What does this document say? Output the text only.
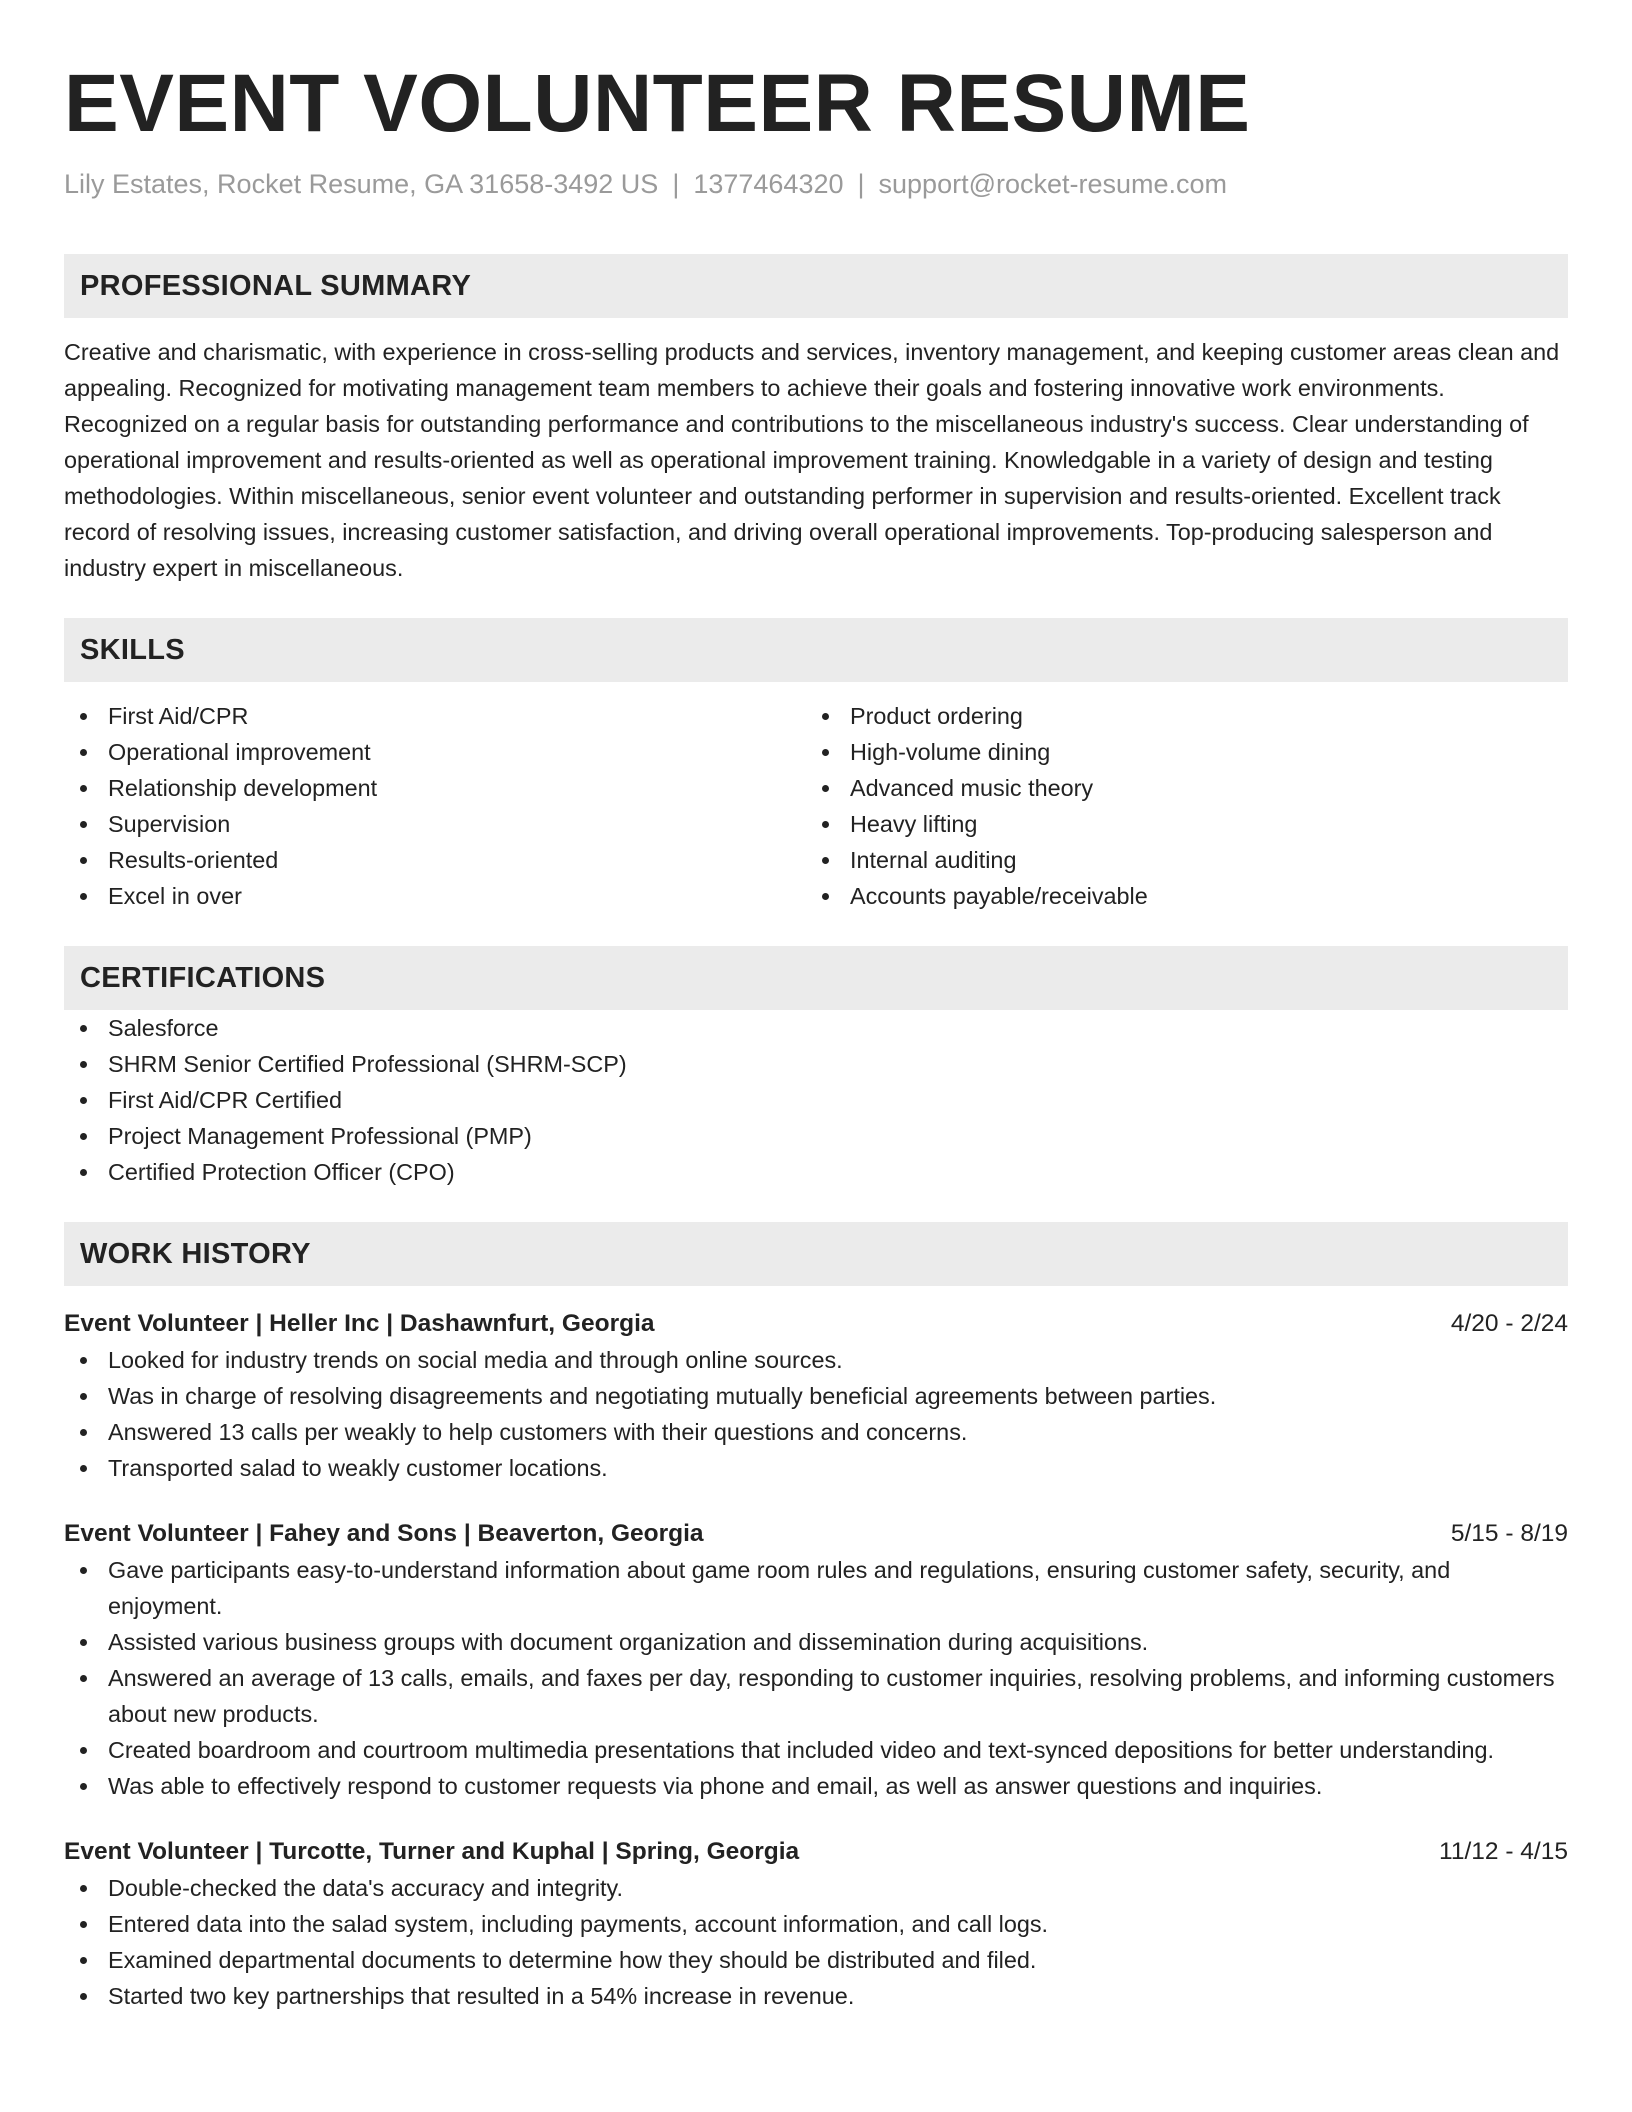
EVENT VOLUNTEER RESUME
Lily Estates, Rocket Resume, GA 31658-3492 US | 1377464320 | support@rocket-resume.com
PROFESSIONAL SUMMARY
Creative and charismatic, with experience in cross-selling products and services, inventory management, and keeping customer areas clean and appealing. Recognized for motivating management team members to achieve their goals and fostering innovative work environments. Recognized on a regular basis for outstanding performance and contributions to the miscellaneous industry's success. Clear understanding of operational improvement and results-oriented as well as operational improvement training. Knowledgable in a variety of design and testing methodologies. Within miscellaneous, senior event volunteer and outstanding performer in supervision and results-oriented. Excellent track record of resolving issues, increasing customer satisfaction, and driving overall operational improvements. Top-producing salesperson and industry expert in miscellaneous.
SKILLS
First Aid/CPR
Operational improvement
Relationship development
Supervision
Results-oriented
Excel in over
Product ordering
High-volume dining
Advanced music theory
Heavy lifting
Internal auditing
Accounts payable/receivable
CERTIFICATIONS
Salesforce
SHRM Senior Certified Professional (SHRM-SCP)
First Aid/CPR Certified
Project Management Professional (PMP)
Certified Protection Officer (CPO)
WORK HISTORY
Event Volunteer | Heller Inc | Dashawnfurt, Georgia	4/20 - 2/24
Looked for industry trends on social media and through online sources.
Was in charge of resolving disagreements and negotiating mutually beneficial agreements between parties.
Answered 13 calls per weakly to help customers with their questions and concerns.
Transported salad to weakly customer locations.
Event Volunteer | Fahey and Sons | Beaverton, Georgia	5/15 - 8/19
Gave participants easy-to-understand information about game room rules and regulations, ensuring customer safety, security, and enjoyment.
Assisted various business groups with document organization and dissemination during acquisitions.
Answered an average of 13 calls, emails, and faxes per day, responding to customer inquiries, resolving problems, and informing customers about new products.
Created boardroom and courtroom multimedia presentations that included video and text-synced depositions for better understanding.
Was able to effectively respond to customer requests via phone and email, as well as answer questions and inquiries.
Event Volunteer | Turcotte, Turner and Kuphal | Spring, Georgia	11/12 - 4/15
Double-checked the data's accuracy and integrity.
Entered data into the salad system, including payments, account information, and call logs.
Examined departmental documents to determine how they should be distributed and filed.
Started two key partnerships that resulted in a 54% increase in revenue.
